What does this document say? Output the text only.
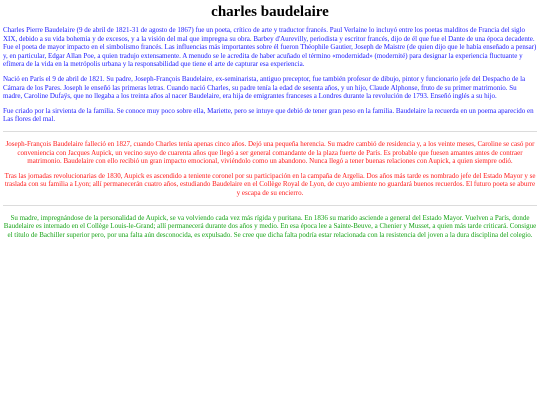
charles baudelaire

Charles Pierre Baudelaire (9 de abril de 1821-31 de agosto de 1867) fue un poeta, crítico de arte y traductor francés. Paul Verlaine lo incluyó entre los poetas malditos de Francia del siglo XIX, debido a su vida bohemia y de excesos, y a la visión del mal que impregna su obra. Barbey d'Aurevilly, periodista y escritor francés, dijo de él que fue el Dante de una época decadente. Fue el poeta de mayor impacto en el simbolismo francés. Las influencias más importantes sobre él fueron Théophile Gautier, Joseph de Maistre (de quien dijo que le había enseñado a pensar) y, en particular, Edgar Allan Poe, a quien tradujo extensamente. A menudo se le acredita de haber acuñado el término «modernidad» (modernité) para designar la experiencia fluctuante y efímera de la vida en la metrópolis urbana y la responsabilidad que tiene el arte de capturar esa experiencia.

Nació en París el 9 de abril de 1821. Su padre, Joseph-François Baudelaire, ex-seminarista, antiguo preceptor, fue también profesor de dibujo, pintor y funcionario jefe del Despacho de la Cámara de los Pares. Joseph le enseñó las primeras letras. Cuando nació Charles, su padre tenía la edad de sesenta años, y un hijo, Claude Alphonse, fruto de su primer matrimonio. Su madre, Caroline Dufaÿs, que no llegaba a los treinta años al nacer Baudelaire, era hija de emigrantes franceses a Londres durante la revolución de 1793. Enseñó inglés a su hijo.

Fue criado por la sirvienta de la familia. Se conoce muy poco sobre ella, Mariette, pero se intuye que debió de tener gran peso en la familia. Baudelaire la recuerda en un poema aparecido en Las flores del mal.

Joseph-François Baudelaire falleció en 1827, cuando Charles tenía apenas cinco años. Dejó una pequeña herencia. Su madre cambió de residencia y, a los veinte meses, Caroline se casó por conveniencia con Jacques Aupick, un vecino suyo de cuarenta años que llegó a ser general comandante de la plaza fuerte de París. Es probable que fuesen amantes antes de contraer matrimonio. Baudelaire con ello recibió un gran impacto emocional, viviéndolo como un abandono. Nunca llegó a tener buenas relaciones con Aupick, a quien siempre odió.

Tras las jornadas revolucionarias de 1830, Aupick es ascendido a teniente coronel por su participación en la campaña de Argelia. Dos años más tarde es nombrado jefe del Estado Mayor y se traslada con su familia a Lyon; allí permanecerán cuatro años, estudiando Baudelaire en el Collège Royal de Lyon, de cuyo ambiente no guardará buenos recuerdos. El futuro poeta se aburre y escapa de su encierro.

Su madre, impregnándose de la personalidad de Aupick, se va volviendo cada vez más rígida y puritana. En 1836 su marido asciende a general del Estado Mayor. Vuelven a París, donde Baudelaire es internado en el Collège Louis-le-Grand; allí permanecerá durante dos años y medio. En esa época lee a Sainte-Beuve, a Chenier y Musset, a quien más tarde criticará. Consigue el título de Bachiller superior pero, por una falta aún desconocida, es expulsado. Se cree que dicha falta podría estar relacionada con la resistencia del joven a la dura disciplina del colegio.
